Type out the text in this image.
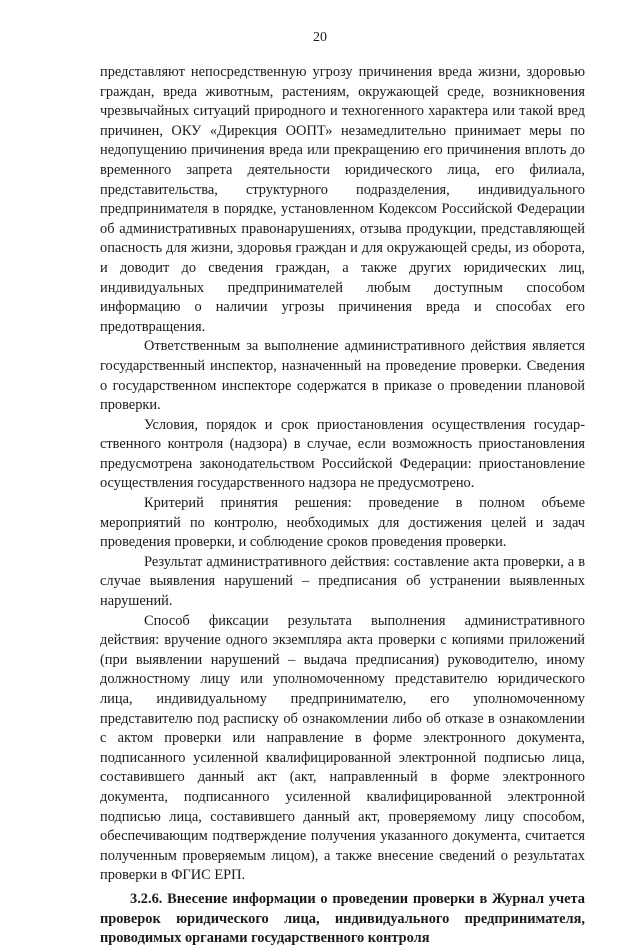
20

представляют непосредственную угрозу причинения вреда жизни, здоровью граждан, вреда животным, растениям, окружающей среде, возникновения чрезвычайных ситуаций природного и техногенного характера или такой вред причинен, ОКУ «Дирекция ООПТ» незамедлительно принимает меры по недопущению причинения вреда или прекращению его причинения вплоть до временного запрета деятельности юридического лица, его филиала, представительства, структурного подразделения, индивидуального предпринимателя в порядке, установленном Кодексом Российской Федерации об административных правонарушениях, отзыва продукции, представляющей опасность для жизни, здоровья граждан и для окружающей среды, из оборота, и доводит до сведения граждан, а также других юридических лиц, индивидуальных предпринимателей любым доступным способом информацию о наличии угрозы причинения вреда и способах его предотвращения.

Ответственным за выполнение административного действия является государственный инспектор, назначенный на проведение проверки. Сведения о государственном инспекторе содержатся в приказе о проведении плановой проверки.

Условия, порядок и срок приостановления осуществления государственного контроля (надзора) в случае, если возможность приостановления предусмотрена законодательством Российской Федерации: приостановление осуществления государственного надзора не предусмотрено.

Критерий принятия решения: проведение в полном объеме мероприятий по контролю, необходимых для достижения целей и задач проведения проверки, и соблюдение сроков проведения проверки.

Результат административного действия: составление акта проверки, а в случае выявления нарушений – предписания об устранении выявленных нарушений.

Способ фиксации результата выполнения административного действия: вручение одного экземпляра акта проверки с копиями приложений (при выявлении нарушений – выдача предписания) руководителю, иному должностному лицу или уполномоченному представителю юридического лица, индивидуальному предпринимателю, его уполномоченному представителю под расписку об ознакомлении либо об отказе в ознакомлении с актом проверки или направление в форме электронного документа, подписанного усиленной квалифицированной электронной подписью лица, составившего данный акт (акт, направленный в форме электронного документа, подписанного усиленной квалифицированной электронной подписью лица, составившего данный акт, проверяемому лицу способом, обеспечивающим подтверждение получения указанного документа, считается полученным проверяемым лицом), а также внесение сведений о результатах проверки в ФГИС ЕРП.

3.2.6. Внесение информации о проведении проверки в Журнал учета проверок юридического лица, индивидуального предпринимателя, проводимых органами государственного контроля
